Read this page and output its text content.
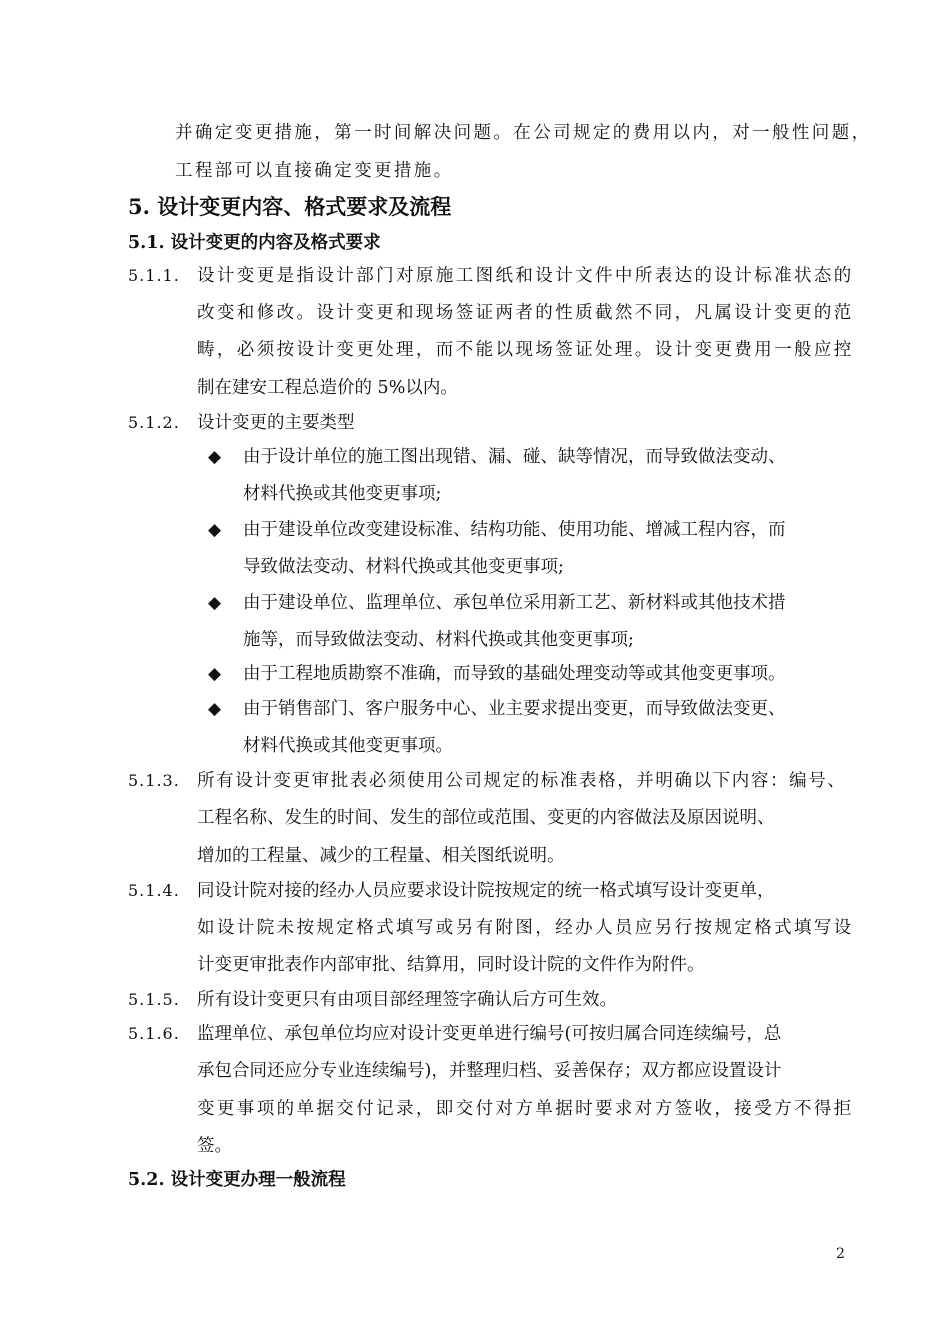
并确定变更措施，第一时间解决问题。在公司规定的费用以内，对一般性问题，
工程部可以直接确定变更措施。
5. 设计变更内容、格式要求及流程
5.1. 设计变更的内容及格式要求
5.1.1. 设计变更是指设计部门对原施工图纸和设计文件中所表达的设计标准状态的
改变和修改。设计变更和现场签证两者的性质截然不同，凡属设计变更的范
畴，必须按设计变更处理，而不能以现场签证处理。设计变更费用一般应控
制在建安工程总造价的 5%以内。
5.1.2. 设计变更的主要类型
◆ 由于设计单位的施工图出现错、漏、碰、缺等情况，而导致做法变动、
材料代换或其他变更事项;
◆ 由于建设单位改变建设标准、结构功能、使用功能、增减工程内容，而
导致做法变动、材料代换或其他变更事项;
◆ 由于建设单位、监理单位、承包单位采用新工艺、新材料或其他技术措
施等，而导致做法变动、材料代换或其他变更事项;
◆ 由于工程地质勘察不准确，而导致的基础处理变动等或其他变更事项。
◆ 由于销售部门、客户服务中心、业主要求提出变更，而导致做法变更、
材料代换或其他变更事项。
5.1.3. 所有设计变更审批表必须使用公司规定的标准表格，并明确以下内容：编号、
工程名称、发生的时间、发生的部位或范围、变更的内容做法及原因说明、
增加的工程量、减少的工程量、相关图纸说明。
5.1.4. 同设计院对接的经办人员应要求设计院按规定的统一格式填写设计变更单，
如设计院未按规定格式填写或另有附图，经办人员应另行按规定格式填写设
计变更审批表作内部审批、结算用，同时设计院的文件作为附件。
5.1.5. 所有设计变更只有由项目部经理签字确认后方可生效。
5.1.6. 监理单位、承包单位均应对设计变更单进行编号(可按归属合同连续编号，总
承包合同还应分专业连续编号)，并整理归档、妥善保存；双方都应设置设计
变更事项的单据交付记录，即交付对方单据时要求对方签收，接受方不得拒
签。
5.2. 设计变更办理一般流程
2
